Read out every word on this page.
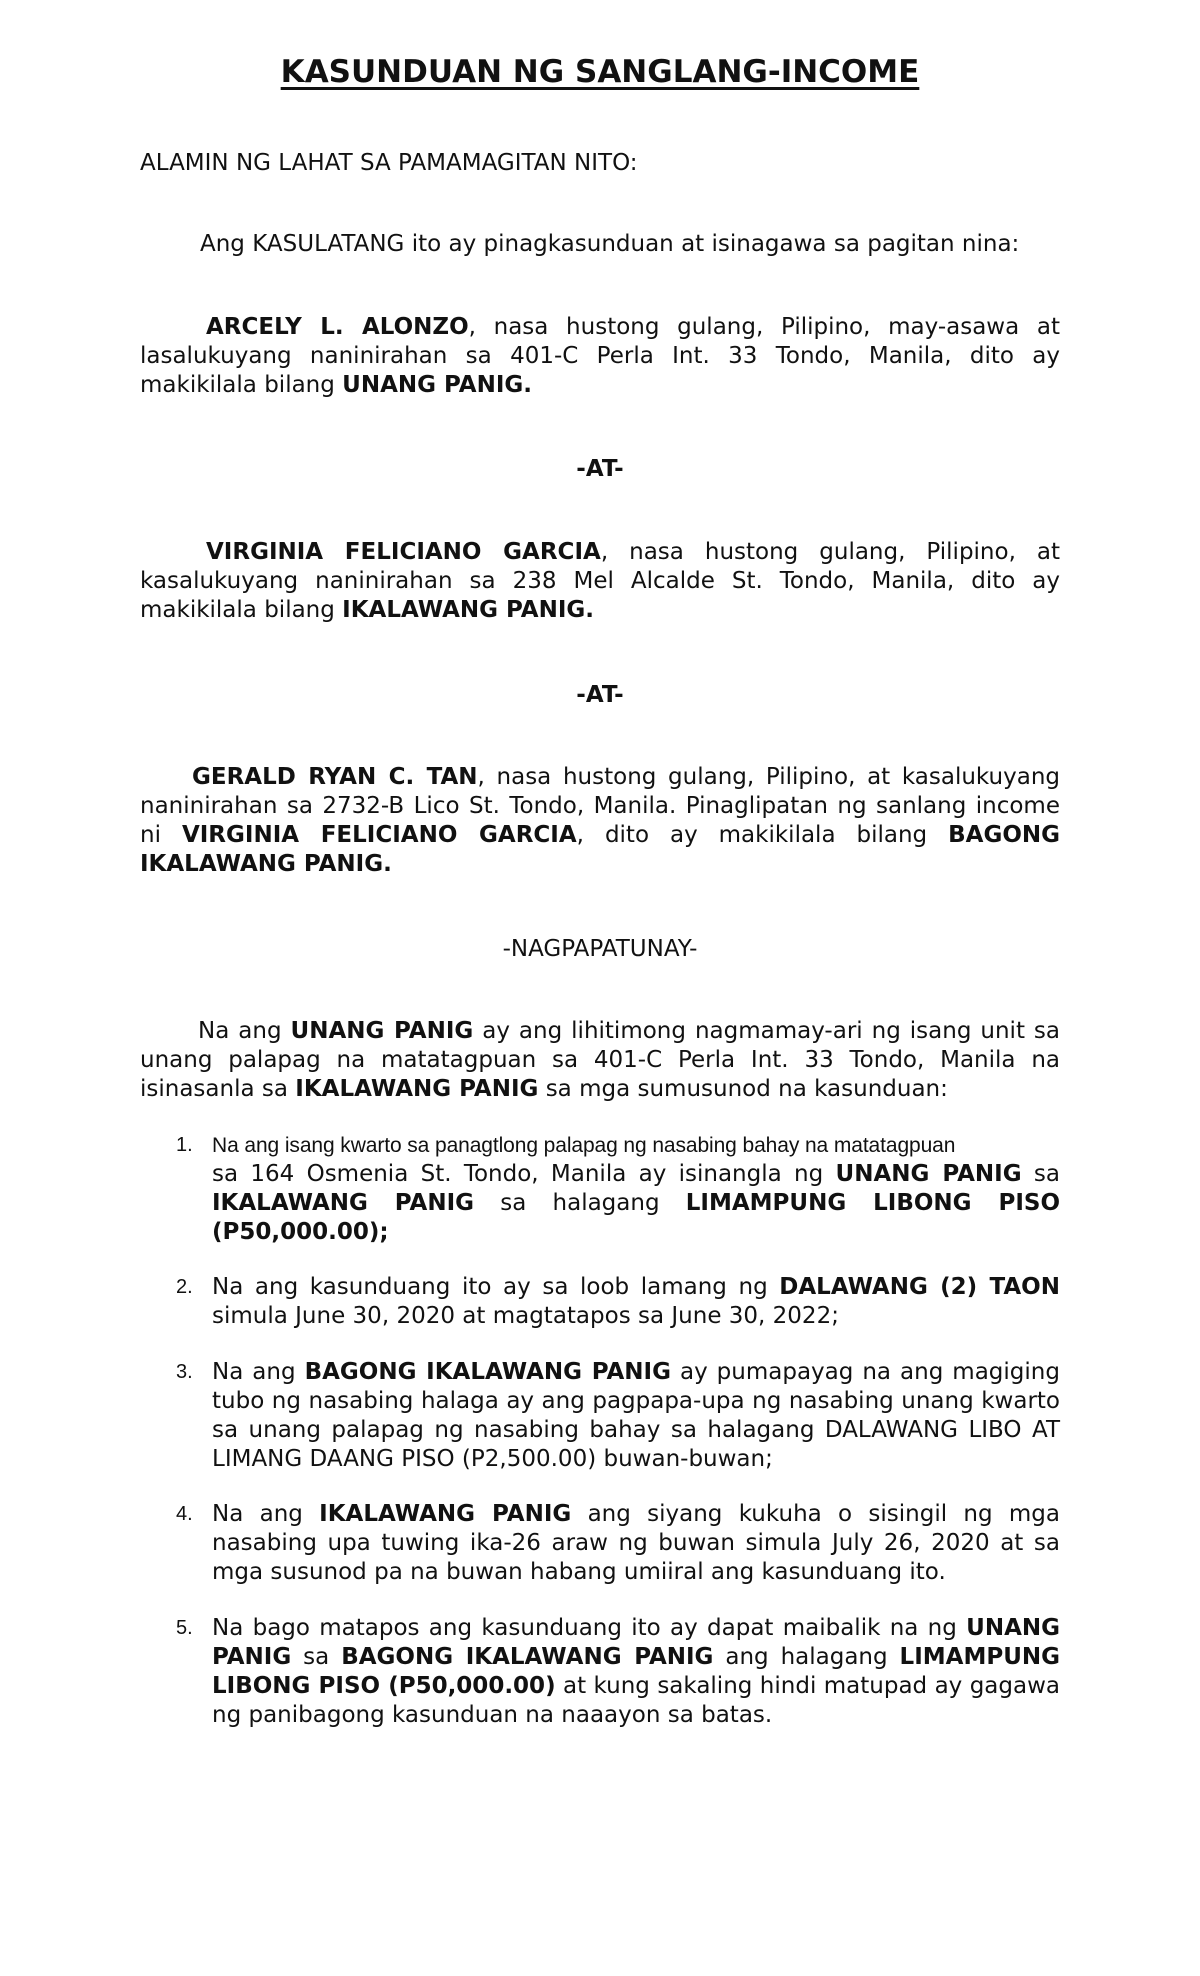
KASUNDUAN NG SANGLANG-INCOME

ALAMIN NG LAHAT SA PAMAMAGITAN NITO:

Ang KASULATANG ito ay pinagkasunduan at isinagawa sa pagitan nina:

ARCELY L. ALONZO, nasa hustong gulang, Pilipino, may-asawa at lasalukuyang naninirahan sa 401-C Perla Int. 33 Tondo, Manila, dito ay makikilala bilang UNANG PANIG.

-AT-

VIRGINIA FELICIANO GARCIA, nasa hustong gulang, Pilipino, at kasalukuyang naninirahan sa 238 Mel Alcalde St. Tondo, Manila, dito ay makikilala bilang IKALAWANG PANIG.

-AT-

GERALD RYAN C. TAN, nasa hustong gulang, Pilipino, at kasalukuyang naninirahan sa 2732-B Lico St. Tondo, Manila. Pinaglipatan ng sanlang income ni VIRGINIA FELICIANO GARCIA, dito ay makikilala bilang BAGONG IKALAWANG PANIG.

-NAGPAPATUNAY-

Na ang UNANG PANIG ay ang lihitimong nagmamay-ari ng isang unit sa unang palapag na matatagpuan sa 401-C Perla Int. 33 Tondo, Manila na isinasanla sa IKALAWANG PANIG sa mga sumusunod na kasunduan:

1. Na ang isang kwarto sa panagtlong palapag ng nasabing bahay na matatagpuan
sa 164 Osmenia St. Tondo, Manila ay isinangla ng UNANG PANIG sa IKALAWANG PANIG sa halagang LIMAMPUNG LIBONG PISO (P50,000.00);
2. Na ang kasunduang ito ay sa loob lamang ng DALAWANG (2) TAON simula June 30, 2020 at magtatapos sa June 30, 2022;
3. Na ang BAGONG IKALAWANG PANIG ay pumapayag na ang magiging tubo ng nasabing halaga ay ang pagpapa-upa ng nasabing unang kwarto sa unang palapag ng nasabing bahay sa halagang DALAWANG LIBO AT LIMANG DAANG PISO (P2,500.00) buwan-buwan;
4. Na ang IKALAWANG PANIG ang siyang kukuha o sisingil ng mga nasabing upa tuwing ika-26 araw ng buwan simula July 26, 2020 at sa mga susunod pa na buwan habang umiiral ang kasunduang ito.
5. Na bago matapos ang kasunduang ito ay dapat maibalik na ng UNANG PANIG sa BAGONG IKALAWANG PANIG ang halagang LIMAMPUNG LIBONG PISO (P50,000.00) at kung sakaling hindi matupad ay gagawa ng panibagong kasunduan na naaayon sa batas.
